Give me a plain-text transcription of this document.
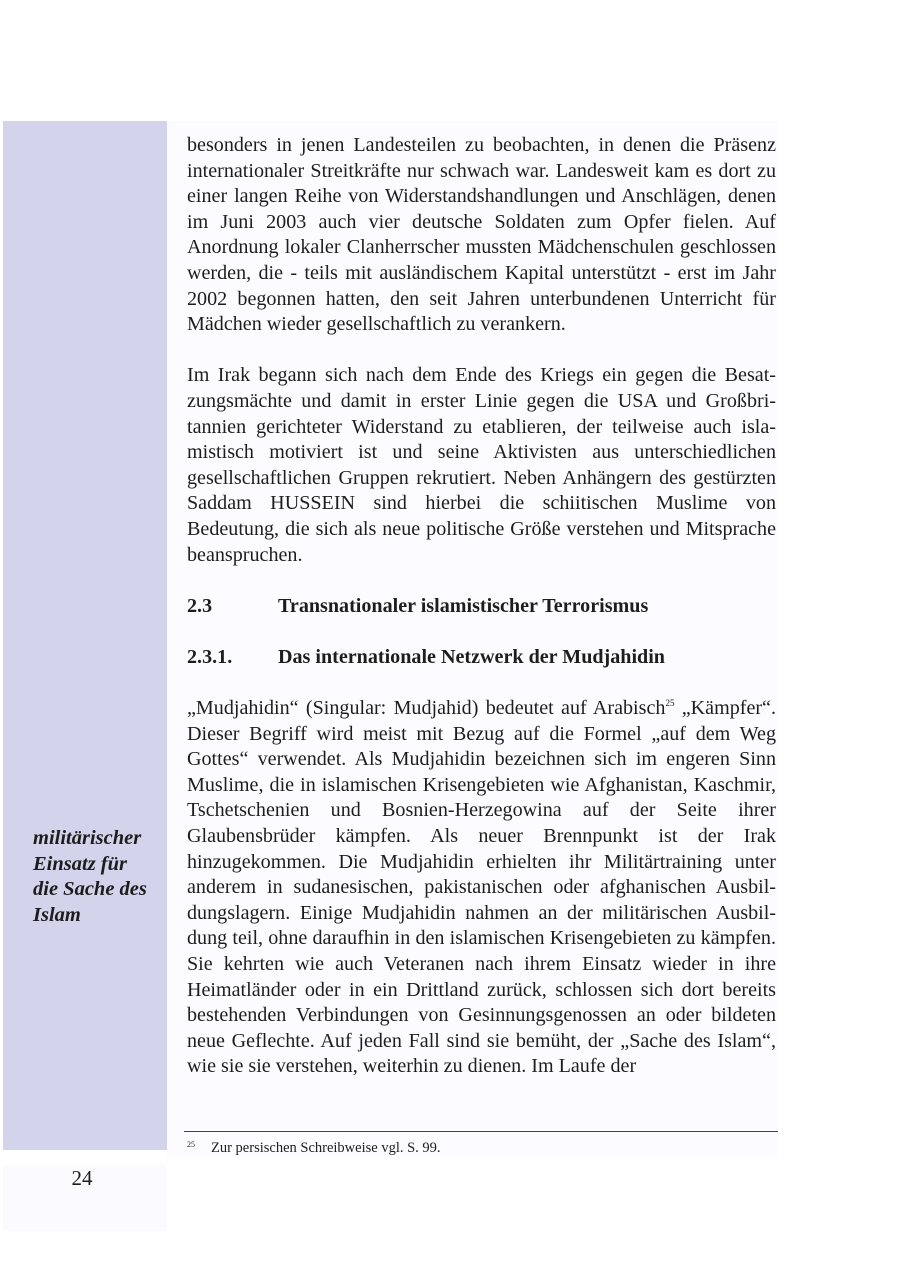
24
militärischer
Einsatz für
die Sache des
Islam

besonders in jenen Landesteilen zu beobachten, in denen die Präsenz internationaler Streitkräfte nur schwach war. Landesweit kam es dort zu einer langen Reihe von Widerstandshandlungen und Anschlägen, denen im Juni 2003 auch vier deutsche Soldaten zum Opfer fielen. Auf Anordnung lokaler Clanherrscher mussten Mädchenschulen geschlossen werden, die - teils mit ausländischem Kapital unterstützt - erst im Jahr 2002 begonnen hatten, den seit Jahren unterbundenen Unterricht für Mädchen wieder gesellschaftlich zu verankern.

Im Irak begann sich nach dem Ende des Kriegs ein gegen die Besatzungsmächte und damit in erster Linie gegen die USA und Großbritannien gerichteter Widerstand zu etablieren, der teilweise auch islamistisch motiviert ist und seine Aktivisten aus unterschiedlichen gesellschaftlichen Gruppen rekrutiert. Neben Anhängern des gestürzten Saddam HUSSEIN sind hierbei die schiitischen Muslime von Bedeutung, die sich als neue politische Größe verstehen und Mitsprache beanspruchen.

2.3	Transnationaler islamistischer Terrorismus
2.3.1. Das internationale Netzwerk der Mudjahidin

„Mudjahidin“ (Singular: Mudjahid) bedeutet auf Arabisch$^{25}$ „Kämpfer“. Dieser Begriff wird meist mit Bezug auf die Formel „auf dem Weg Gottes“ verwendet. Als Mudjahidin bezeichnen sich im engeren Sinn Muslime, die in islamischen Krisengebieten wie Afghanistan, Kaschmir, Tschetschenien und Bosnien-Herzegowina auf der Seite ihrer Glaubensbrüder kämpfen. Als neuer Brennpunkt ist der Irak hinzugekommen. Die Mudjahidin erhielten ihr Militärtraining unter anderem in sudanesischen, pakistanischen oder afghanischen Ausbildungslagern. Einige Mudjahidin nahmen an der militärischen Ausbildung teil, ohne daraufhin in den islamischen Krisengebieten zu kämpfen. Sie kehrten wie auch Veteranen nach ihrem Einsatz wieder in ihre Heimatländer oder in ein Drittland zurück, schlossen sich dort bereits bestehenden Verbindungen von Gesinnungsgenossen an oder bildeten neue Geflechte. Auf jeden Fall sind sie bemüht, der „Sache des Islam“, wie sie sie verstehen, weiterhin zu dienen. Im Laufe der

25 Zur persischen Schreibweise vgl. S. 99.
